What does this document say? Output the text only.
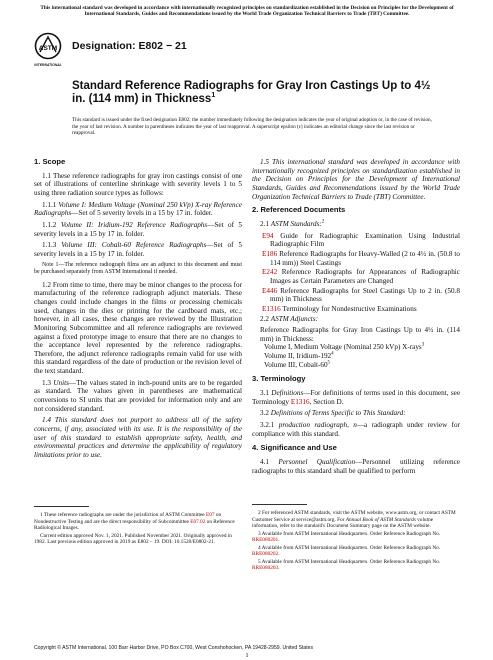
This international standard was developed in accordance with internationally recognized principles on standardization established in the Decision on Principles for the Development of International Standards, Guides and Recommendations issued by the World Trade Organization Technical Barriers to Trade (TBT) Committee.
ASTM
INTERNATIONAL
Designation: E802 − 21
Standard Reference Radiographs for Gray Iron Castings Up to 4½ in. (114 mm) in Thickness$^1$
This standard is issued under the fixed designation E802; the number immediately following the designation indicates the year of original adoption or, in the case of revision, the year of last revision. A number in parentheses indicates the year of last reapproval. A superscript epsilon (ε) indicates an editorial change since the last revision or reapproval.
1. Scope

1.1 These reference radiographs for gray iron castings consist of one set of illustrations of centerline shrinkage with severity levels 1 to 5 using three radiation source types as follows:

1.1.1 Volume I: Medium Voltage (Nominal 250 kVp) X-ray Reference Radiographs—Set of 5 severity levels in a 15 by 17 in. folder.

1.1.2 Volume II: Iridium-192 Reference Radiographs—Set of 5 severity levels in a 15 by 17 in. folder.

1.1.3 Volume III: Cobalt-60 Reference Radiographs—Set of 5 severity levels in a 15 by 17 in. folder.

Note 1—The reference radiograph films are an adjunct to this document and must be purchased separately from ASTM International if needed.

1.2 From time to time, there may be minor changes to the process for manufacturing of the reference radiograph adjunct materials. These changes could include changes in the films or processing chemicals used, changes in the dies or printing for the cardboard mats, etc.; however, in all cases, these changes are reviewed by the Illustration Monitoring Subcommittee and all reference radiographs are reviewed against a fixed prototype image to ensure that there are no changes to the acceptance level represented by the reference radiographs. Therefore, the adjunct reference radiographs remain valid for use with this standard regardless of the date of production or the revision level of the text standard.

1.3 Units—The values stated in inch-pound units are to be regarded as standard. The values given in parentheses are mathematical conversions to SI units that are provided for information only and are not considered standard.

1.4 This standard does not purport to address all of the safety concerns, if any, associated with its use. It is the responsibility of the user of this standard to establish appropriate safety, health, and environmental practices and determine the applicability of regulatory limitations prior to use.

1.5 This international standard was developed in accordance with internationally recognized principles on standardization established in the Decision on Principles for the Development of International Standards, Guides and Recommendations issued by the World Trade Organization Technical Barriers to Trade (TBT) Committee.

2. Referenced Documents

2.1 ASTM Standards:$^2$

E94 Guide for Radiographic Examination Using Industrial Radiographic Film

E186 Reference Radiographs for Heavy-Walled (2 to 4½ in. (50.8 to 114 mm)) Steel Castings

E242 Reference Radiographs for Appearances of Radiographic Images as Certain Parameters are Changed

E446 Reference Radiographs for Steel Castings Up to 2 in. (50.8 mm) in Thickness

E1316 Terminology for Nondestructive Examinations

2.2 ASTM Adjuncts:

Reference Radiographs for Gray Iron Castings Up to 4½ in. (114 mm) in Thickness:

Volume I, Medium Voltage (Nominal 250 kVp) X-rays$^3$

Volume II, Iridium-$192^4$

Volume III, Cobalt-$60^5$

3. Terminology

3.1 Definitions—For definitions of terms used in this document, see Terminology E1316, Section D.

3.2 Definitions of Terms Specific to This Standard:

3.2.1 production radiograph, n—a radiograph under review for compliance with this standard.

4. Significance and Use

4.1 Personnel Qualification—Personnel utilizing reference radiographs to this standard shall be qualified to perform

1 These reference radiographs are under the jurisdiction of ASTM Committee E07 on Nondestructive Testing and are the direct responsibility of Subcommittee E07.02 on Reference Radiological Images.

Current edition approved Nov. 1, 2021. Published November 2021. Originally approved in 1982. Last previous edition approved in 2019 as E802 – 19. DOI: 10.1520/E0802-21.

2 For referenced ASTM standards, visit the ASTM website, www.astm.org, or contact ASTM Customer Service at service@astm.org. For Annual Book of ASTM Standards volume information, refer to the standard's Document Summary page on the ASTM website.

3 Available from ASTM International Headquarters. Order Reference Radiograph No. RRE080201.

4 Available from ASTM International Headquarters. Order Reference Radiograph No. RRE080202.

5 Available from ASTM International Headquarters. Order Reference Radiograph No. RRE080203.

Copyright © ASTM International, 100 Barr Harbor Drive, PO Box C700, West Conshohocken, PA 19428-2959. United States
1
